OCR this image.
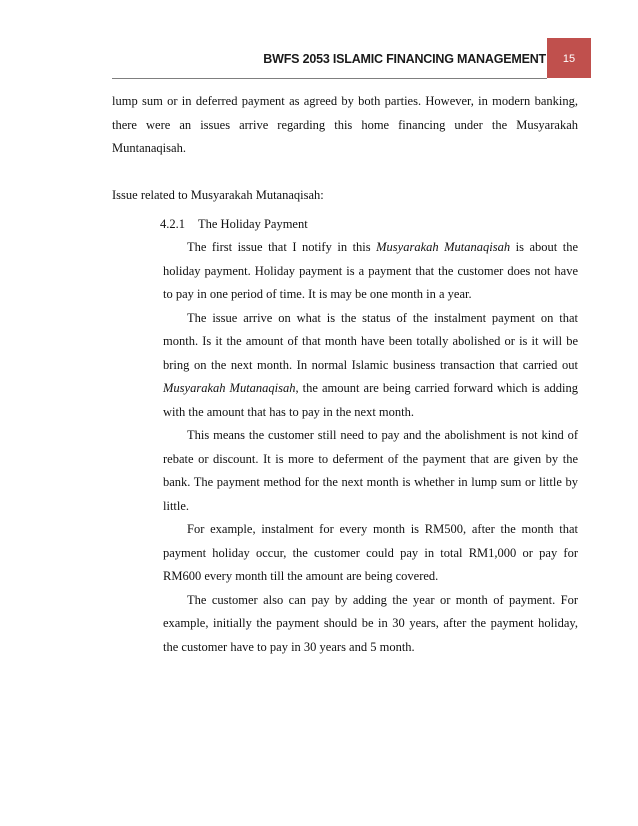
BWFS 2053 ISLAMIC FINANCING MANAGEMENT	15
lump sum or in deferred payment as agreed by both parties. However, in modern banking, there were an issues arrive regarding this home financing under the Musyarakah Muntanaqisah.
Issue related to Musyarakah Mutanaqisah:
4.2.1 The Holiday Payment

The first issue that I notify in this Musyarakah Mutanaqisah is about the holiday payment. Holiday payment is a payment that the customer does not have to pay in one period of time. It is may be one month in a year.

The issue arrive on what is the status of the instalment payment on that month. Is it the amount of that month have been totally abolished or is it will be bring on the next month. In normal Islamic business transaction that carried out Musyarakah Mutanaqisah, the amount are being carried forward which is adding with the amount that has to pay in the next month.

This means the customer still need to pay and the abolishment is not kind of rebate or discount. It is more to deferment of the payment that are given by the bank. The payment method for the next month is whether in lump sum or little by little.

For example, instalment for every month is RM500, after the month that payment holiday occur, the customer could pay in total RM1,000 or pay for RM600 every month till the amount are being covered.

The customer also can pay by adding the year or month of payment. For example, initially the payment should be in 30 years, after the payment holiday, the customer have to pay in 30 years and 5 month.
